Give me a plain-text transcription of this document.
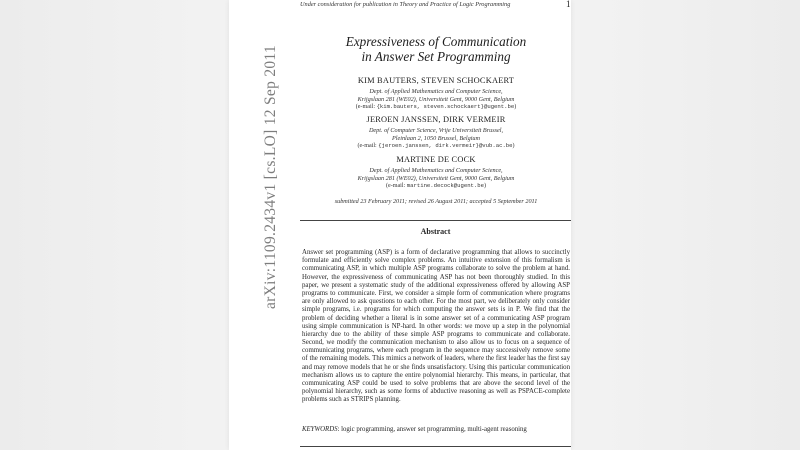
arXiv:1109.2434v1 [cs.LO] 12 Sep 2011
Under consideration for publication in Theory and Practice of Logic Programming	1
Expressiveness of Communication
in Answer Set Programming
KIM BAUTERS, STEVEN SCHOCKAERT
Dept. of Applied Mathematics and Computer Science,
Krijgslaan 281 (WE02), Universiteit Gent, 9000 Gent, Belgium
(e-mail: {kim.bauters, steven.schockaert}@ugent.be)
JEROEN JANSSEN, DIRK VERMEIR
Dept. of Computer Science, Vrije Universiteit Brussel,
Pleinlaan 2, 1050 Brussel, Belgium
(e-mail: {jeroen.janssen, dirk.vermeir}@vub.ac.be)
MARTINE DE COCK
Dept. of Applied Mathematics and Computer Science,
Krijgslaan 281 (WE02), Universiteit Gent, 9000 Gent, Belgium
(e-mail: martine.decock@ugent.be)
submitted 23 February 2011; revised 26 August 2011; accepted 5 September 2011
Abstract
Answer set programming (ASP) is a form of declarative programming that allows to succinctly formulate and efficiently solve complex problems. An intuitive extension of this formalism is communicating ASP, in which multiple ASP programs collaborate to solve the problem at hand. However, the expressiveness of communicating ASP has not been thoroughly studied. In this paper, we present a systematic study of the additional expressiveness offered by allowing ASP programs to communicate. First, we consider a simple form of communication where programs are only allowed to ask questions to each other. For the most part, we deliberately only consider simple programs, i.e. programs for which computing the answer sets is in P. We find that the problem of deciding whether a literal is in some answer set of a communicating ASP program using simple communication is NP-hard. In other words: we move up a step in the polynomial hierarchy due to the ability of these simple ASP programs to communicate and collaborate. Second, we modify the communication mechanism to also allow us to focus on a sequence of communicating programs, where each program in the sequence may successively remove some of the remaining models. This mimics a network of leaders, where the first leader has the first say and may remove models that he or she finds unsatisfactory. Using this particular communication mechanism allows us to capture the entire polynomial hierarchy. This means, in particular, that communicating ASP could be used to solve problems that are above the second level of the polynomial hierarchy, such as some forms of abductive reasoning as well as PSPACE-complete problems such as STRIPS planning.
KEYWORDS: logic programming, answer set programming, multi-agent reasoning
